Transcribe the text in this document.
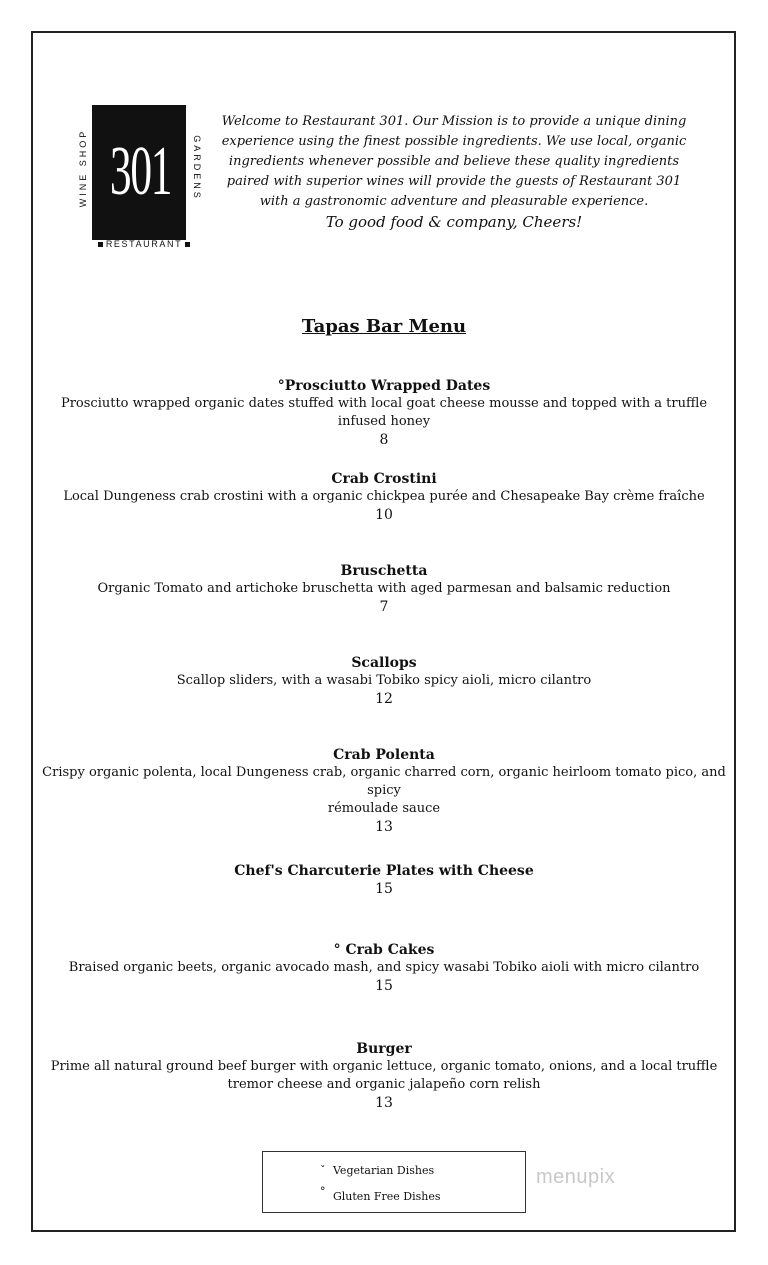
301
WINE SHOP	GARDENS
RESTAURANT
Welcome to Restaurant 301. Our Mission is to provide a unique dining
experience using the finest possible ingredients. We use local, organic
ingredients whenever possible and believe these quality ingredients
paired with superior wines will provide the guests of Restaurant 301
with a gastronomic adventure and pleasurable experience.
To good food & company, Cheers!
Tapas Bar Menu
°Prosciutto Wrapped Dates
Prosciutto wrapped organic dates stuffed with local goat cheese mousse and topped with a truffle infused honey
8
Crab Crostini
Local Dungeness crab crostini with a organic chickpea purée and Chesapeake Bay crème fraîche
10
Bruschetta
Organic Tomato and artichoke bruschetta with aged parmesan and balsamic reduction
7
Scallops
Scallop sliders, with a wasabi Tobiko spicy aioli, micro cilantro
12
Crab Polenta
Crispy organic polenta, local Dungeness crab, organic charred corn, organic heirloom tomato pico, and spicy
rémoulade sauce
13
Chef's Charcuterie Plates with Cheese
15
° Crab Cakes
Braised organic beets, organic avocado mash, and spicy wasabi Tobiko aioli with micro cilantro
15
Burger
Prime all natural ground beef burger with organic lettuce, organic tomato, onions, and a local truffle
tremor cheese and organic jalapeño corn relish
13
ˇ Vegetarian Dishes
° Gluten Free Dishes
menupix
